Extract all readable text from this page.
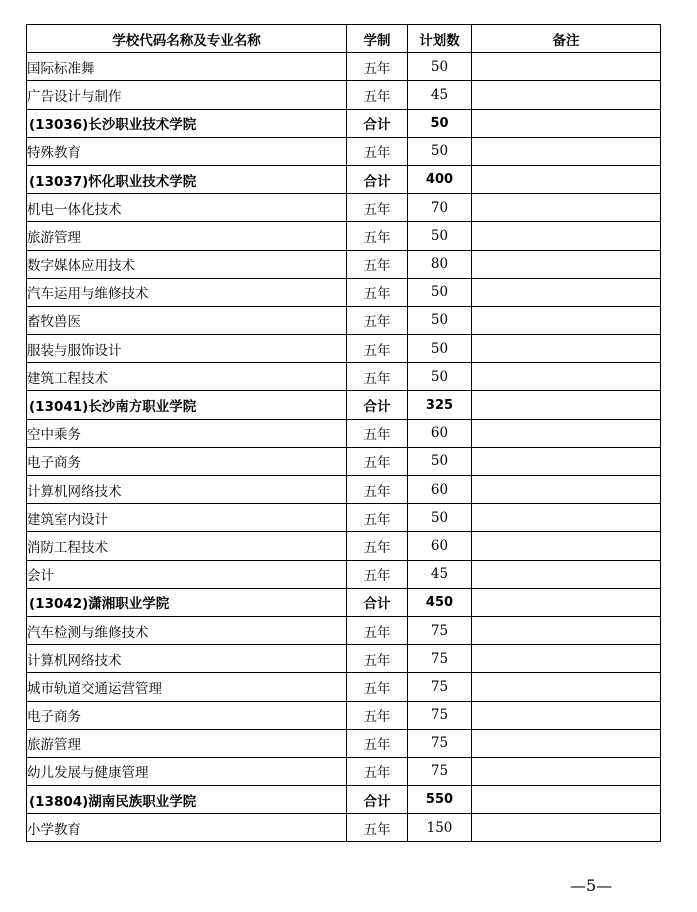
学校代码名称及专业名称	学制	计划数	备注
国际标准舞	五年	50	
广告设计与制作	五年	45	
(13036)长沙职业技术学院	合计	50	
特殊教育	五年	50	
(13037)怀化职业技术学院	合计	400	
机电一体化技术	五年	70	
旅游管理	五年	50	
数字媒体应用技术	五年	80	
汽车运用与维修技术	五年	50	
畜牧兽医	五年	50	
服装与服饰设计	五年	50	
建筑工程技术	五年	50	
(13041)长沙南方职业学院	合计	325	
空中乘务	五年	60	
电子商务	五年	50	
计算机网络技术	五年	60	
建筑室内设计	五年	50	
消防工程技术	五年	60	
会计	五年	45	
(13042)潇湘职业学院	合计	450	
汽车检测与维修技术	五年	75	
计算机网络技术	五年	75	
城市轨道交通运营管理	五年	75	
电子商务	五年	75	
旅游管理	五年	75	
幼儿发展与健康管理	五年	75	
(13804)湖南民族职业学院	合计	550	
小学教育	五年	150	
—5—
